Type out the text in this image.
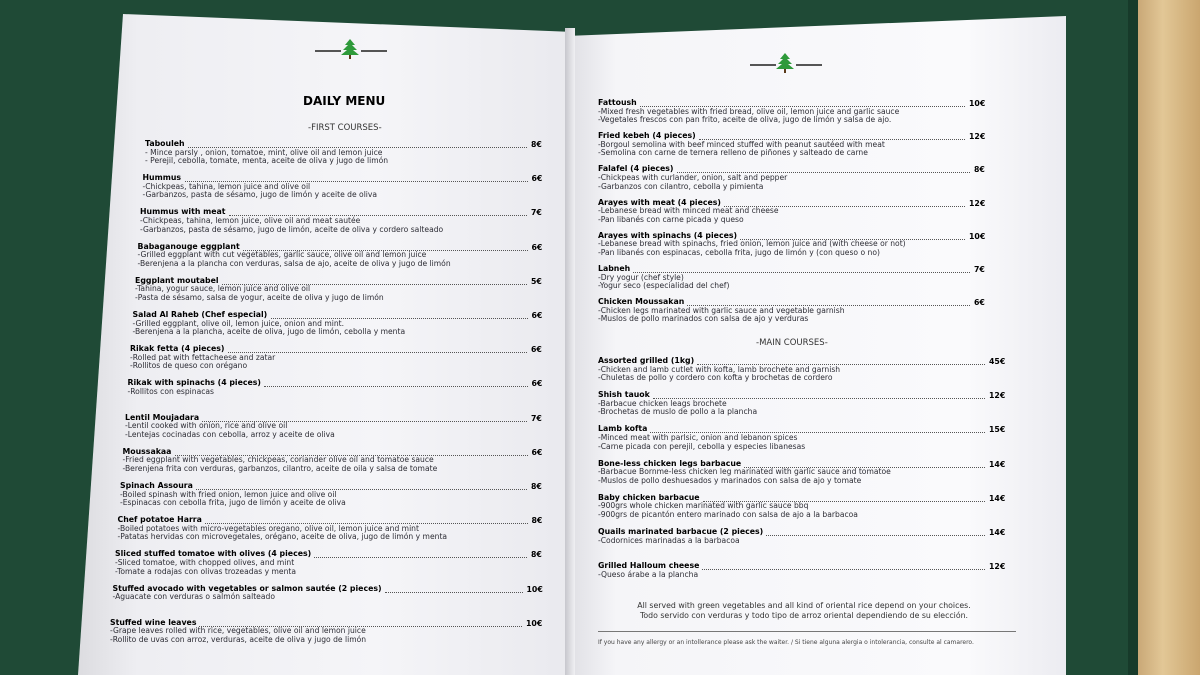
DAILY MENU
-FIRST COURSES-
-MAIN COURSES-
Tabouleh	8€
- Mince parsly , onion, tomatoe, mint, olive oil and lemon juice
- Perejil, cebolla, tomate, menta, aceite de oliva y jugo de limón
Hummus	6€
-Chickpeas, tahina, lemon juice and olive oil
-Garbanzos, pasta de sésamo, jugo de limón y aceite de oliva
Hummus with meat	7€
-Chickpeas, tahina, lemon juice, olive oil and meat sautée
-Garbanzos, pasta de sésamo, jugo de limón, aceite de oliva y cordero salteado
Babaganouge eggplant	6€
-Grilled eggplant with cut vegetables, garlic sauce, olive oil and lemon juice
-Berenjena a la plancha con verduras, salsa de ajo, aceite de oliva y jugo de limón
Eggplant moutabel	5€
-Tahina, yogur sauce, lemon juice and olive oil
-Pasta de sésamo, salsa de yogur, aceite de oliva y jugo de limón
Salad Al Raheb (Chef especial)	6€
-Grilled eggplant, olive oil, lemon juice, onion and mint.
-Berenjena a la plancha, aceite de oliva, jugo de limón, cebolla y menta
Rikak fetta (4 pieces)	6€
-Rolled pat with fettacheese and zatar
-Rollitos de queso con orégano
Rikak with spinachs (4 pieces)	6€
-Rollitos con espinacas
Lentil Moujadara	7€
-Lentil cooked with onion, rice and olive oil
-Lentejas cocinadas con cebolla, arroz y aceite de oliva
Moussakaa	6€
-Fried eggplant with vegetables, chickpeas, coriander olive oil and tomatoe sauce
-Berenjena frita con verduras, garbanzos, cilantro, aceite de oila y salsa de tomate
Spinach Assoura	8€
-Boiled spinash with fried onion, lemon juice and olive oil
-Espinacas con cebolla frita, jugo de limón y aceite de oliva
Chef potatoe Harra	8€
-Boiled potatoes with micro-vegetables oregano, olive oil, lemon juice and mint
-Patatas hervidas con microvegetales, orégano, aceite de oliva, jugo de limón y menta
Sliced stuffed tomatoe with olives (4 pieces)	8€
-Sliced tomatoe, with chopped olives, and mint
-Tomate a rodajas con olivas trozeadas y menta
Stuffed avocado with vegetables or salmon sautée (2 pieces)	10€
-Aguacate con verduras o salmón salteado
Stuffed wine leaves	10€
-Grape leaves rolled with rice, vegetables, olive oil and lemon juice
-Rollito de uvas con arroz, verduras, aceite de oliva y jugo de limón
Fattoush	10€
-Mixed fresh vegetables with fried bread, olive oil, lemon juice and garlic sauce
-Vegetales frescos con pan frito, aceite de oliva, jugo de limón y salsa de ajo.
Fried kebeh (4 pieces)	12€
-Borgoul semolina with beef minced stuffed with peanut sautéed with meat
-Semolina con carne de ternera relleno de piñones y salteado de carne
Falafel (4 pieces)	8€
-Chickpeas with curlander, onion, salt and pepper
-Garbanzos con cilantro, cebolla y pimienta
Arayes with meat (4 pieces)	12€
-Lebanese bread with minced meat and cheese
-Pan libanés con carne picada y queso
Arayes with spinachs (4 pieces)	10€
-Lebanese bread with spinachs, fried onion, lemon juice and (with cheese or not)
-Pan libanés con espinacas, cebolla frita, jugo de limón y (con queso o no)
Labneh	7€
-Dry yogur (chef style)
-Yogur seco (especialidad del chef)
Chicken Moussakan	6€
-Chicken legs marinated with garlic sauce and vegetable garnish
-Muslos de pollo marinados con salsa de ajo y verduras
Assorted grilled (1kg)	45€
-Chicken and lamb cutlet with kofta, lamb brochete and garnish
-Chuletas de pollo y cordero con kofta y brochetas de cordero
Shish tauok	12€
-Barbacue chicken leags brochete
-Brochetas de muslo de pollo a la plancha
Lamb kofta	15€
-Minced meat with parlsic, onion and lebanon spices
-Carne picada con perejil, cebolla y especies libanesas
Bone-less chicken legs barbacue	14€
-Barbacue Bornme-less chicken leg marinated with garlic sauce and tomatoe
-Muslos de pollo deshuesados y marinados con salsa de ajo y tomate
Baby chicken barbacue	14€
-900grs whole chicken marinated with garlic sauce bbq
-900grs de picantón entero marinado con salsa de ajo a la barbacoa
Quails marinated barbacue (2 pieces)	14€
-Codornices marinadas a la barbacoa
Grilled Halloum cheese	12€
-Queso árabe a la plancha
All served with green vegetables and all kind of oriental rice depend on your choices.
Todo servido con verduras y todo tipo de arroz oriental dependiendo de su elección.
If you have any allergy or an intollerance please ask the waiter. / Si tiene alguna alergia o intolerancia, consulte al camarero.
